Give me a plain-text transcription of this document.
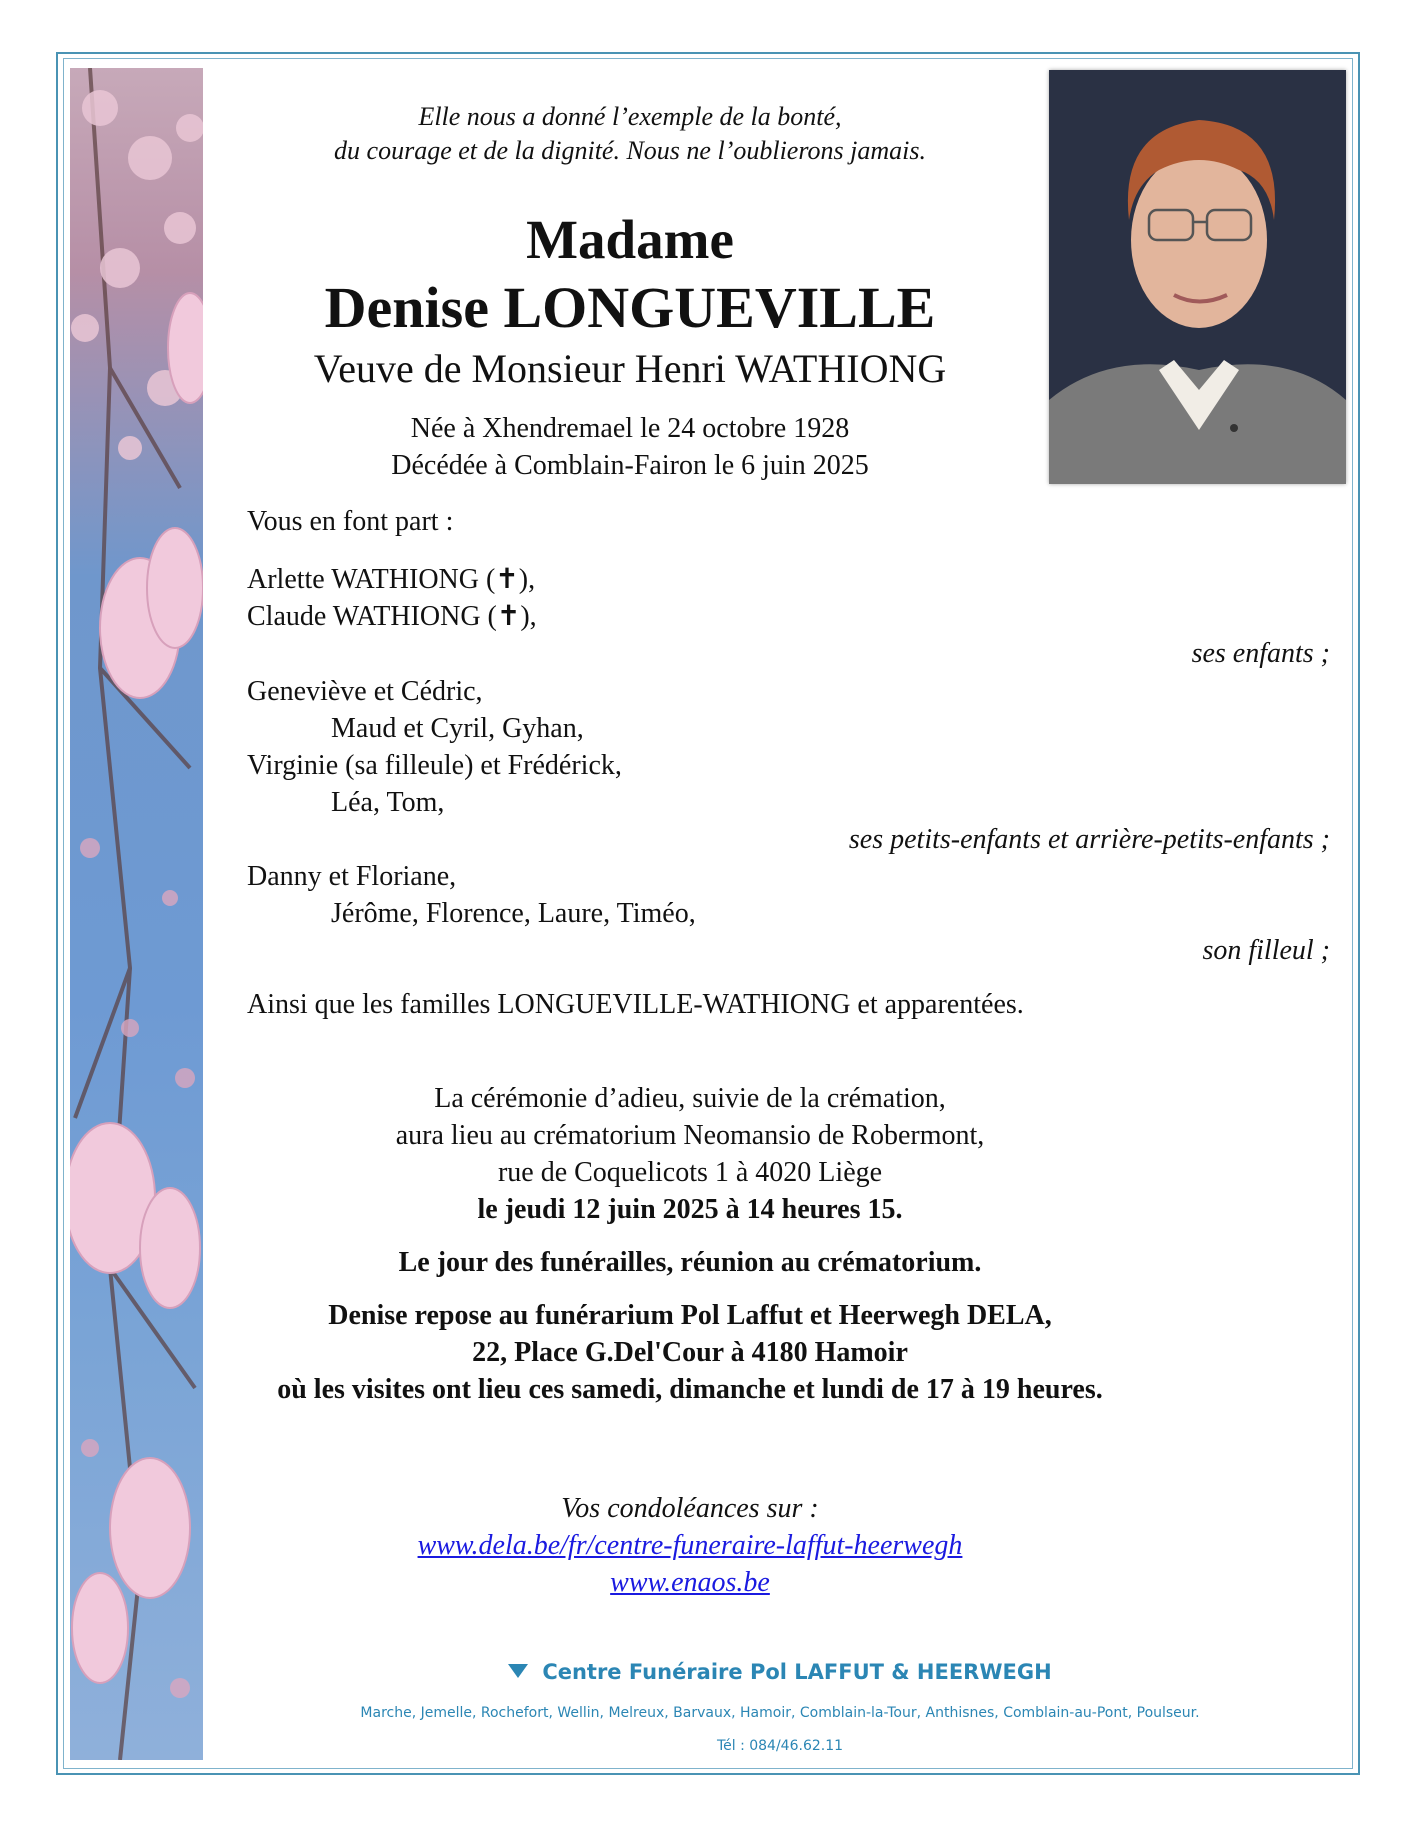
Elle nous a donné l’exemple de la bonté,
du courage et de la dignité. Nous ne l’oublierons jamais.
Madame
Denise LONGUEVILLE
Veuve de Monsieur Henri WATHIONG
Née à Xhendremael le 24 octobre 1928
Décédée à Comblain-Fairon le 6 juin 2025
Vous en font part :
Arlette WATHIONG (✝),
Claude WATHIONG (✝),
ses enfants ;
Geneviève et Cédric,
Maud et Cyril, Gyhan,
Virginie (sa filleule) et Frédérick,
Léa, Tom,
ses petits-enfants et arrière-petits-enfants ;
Danny et Floriane,
Jérôme, Florence, Laure, Timéo,
son filleul ;
Ainsi que les familles LONGUEVILLE-WATHIONG et apparentées.
La cérémonie d’adieu, suivie de la crémation,
aura lieu au crématorium Neomansio de Robermont,
rue de Coquelicots 1 à 4020 Liège
le jeudi 12 juin 2025 à 14 heures 15.
Le jour des funérailles, réunion au crématorium.
Denise repose au funérarium Pol Laffut et Heerwegh DELA,
22, Place G.Del'Cour à 4180 Hamoir
où les visites ont lieu ces samedi, dimanche et lundi de 17 à 19 heures.
Vos condoléances sur :
www.dela.be/fr/centre-funeraire-laffut-heerwegh
www.enaos.be
Centre Funéraire Pol LAFFUT & HEERWEGH
Marche, Jemelle, Rochefort, Wellin, Melreux, Barvaux, Hamoir, Comblain-la-Tour, Anthisnes, Comblain-au-Pont, Poulseur.
Tél : 084/46.62.11
